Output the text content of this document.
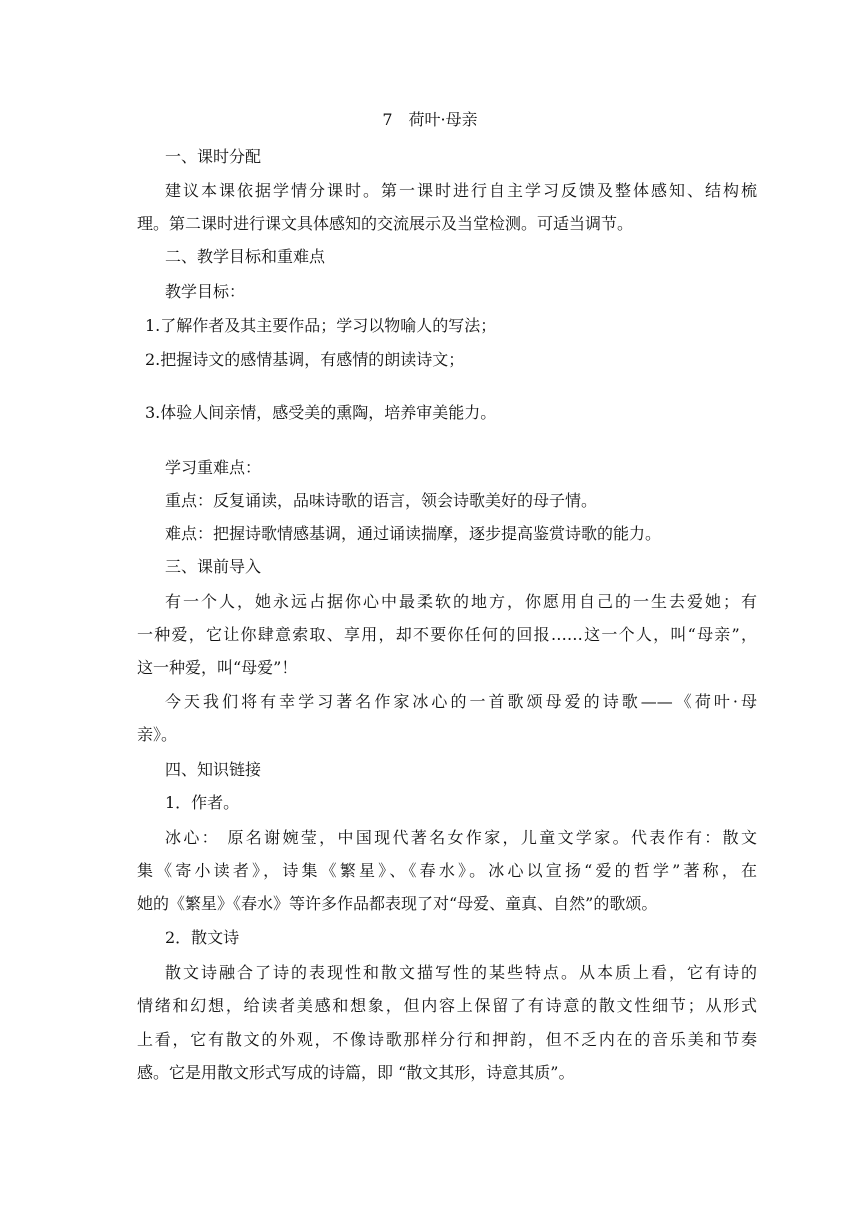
7　荷叶·母亲
一、课时分配
建议本课依据学情分课时。第一课时进行自主学习反馈及整体感知、结构梳
理。第二课时进行课文具体感知的交流展示及当堂检测。可适当调节。
二、教学目标和重难点
教学目标：
1.了解作者及其主要作品；学习以物喻人的写法；
2.把握诗文的感情基调，有感情的朗读诗文；
3.体验人间亲情，感受美的熏陶，培养审美能力。
学习重难点：
重点：反复诵读，品味诗歌的语言，领会诗歌美好的母子情。
难点：把握诗歌情感基调，通过诵读揣摩，逐步提高鉴赏诗歌的能力。
三、课前导入
有一个人，她永远占据你心中最柔软的地方，你愿用自己的一生去爱她；有
一种爱，它让你肆意索取、享用，却不要你任何的回报……这一个人，叫“母亲”，
这一种爱，叫“母爱”！
今天我们将有幸学习著名作家冰心的一首歌颂母爱的诗歌——《荷叶·母
亲》。
四、知识链接
1．作者。
冰心： 原名谢婉莹，中国现代著名女作家，儿童文学家。代表作有：散文
集《寄小读者》，诗集《繁星》、《春水》。冰心以宣扬“爱的哲学”著称，在
她的《繁星》《春水》等许多作品都表现了对“母爱、童真、自然”的歌颂。
2．散文诗
散文诗融合了诗的表现性和散文描写性的某些特点。从本质上看，它有诗的
情绪和幻想，给读者美感和想象，但内容上保留了有诗意的散文性细节；从形式
上看，它有散文的外观，不像诗歌那样分行和押韵，但不乏内在的音乐美和节奏
感。它是用散文形式写成的诗篇，即 “散文其形，诗意其质”。
